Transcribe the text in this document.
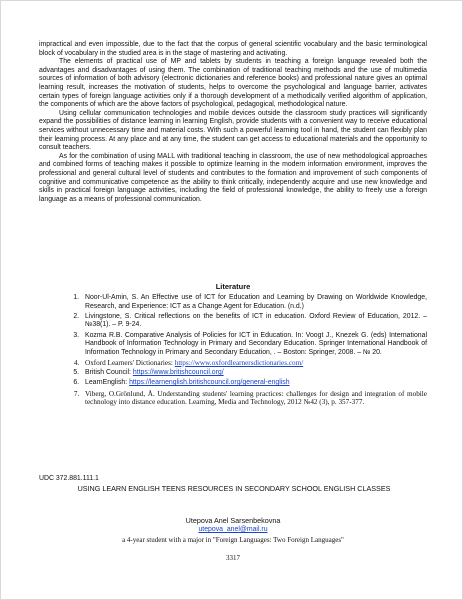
impractical and even impossible, due to the fact that the corpus of general scientific vocabulary and the basic terminological block of vocabulary in the studied area is in the stage of mastering and activating.

The elements of practical use of MP and tablets by students in teaching a foreign language revealed both the advantages and disadvantages of using them. The combination of traditional teaching methods and the use of multimedia sources of information of both advisory (electronic dictionaries and reference books) and professional nature gives an optimal learning result, increases the motivation of students, helps to overcome the psychological and language barrier, activates certain types of foreign language activities only if a thorough development of a methodically verified algorithm of application, the components of which are the above factors of psychological, pedagogical, methodological nature.

Using cellular communication technologies and mobile devices outside the classroom study practices will significantly expand the possibilities of distance learning in learning English, provide students with a convenient way to receive educational services without unnecessary time and material costs. With such a powerful learning tool in hand, the student can flexibly plan their learning process. At any place and at any time, the student can get access to educational materials and the opportunity to consult teachers.

As for the combination of using MALL with traditional teaching in classroom, the use of new methodological approaches and combined forms of teaching makes it possible to optimize learning in the modern information environment, improves the professional and general cultural level of students and contributes to the formation and improvement of such components of cognitive and communicative competence as the ability to think critically, independently acquire and use new knowledge and skills in practical foreign language activities, including the field of professional knowledge, the ability to freely use a foreign language as a means of professional communication.

Literature
1. Noor-Ul-Amin, S. An Effective use of ICT for Education and Learning by Drawing on Worldwide Knowledge, Research, and Experience: ICT as a Change Agent for Education. (n.d.)
2. Livingstone, S. Critical reflections on the benefits of ICT in education. Oxford Review of Education, 2012. – №38(1). – P. 9-24.
3. Kozma R.B. Comparative Analysis of Policies for ICT in Education. In: Voogt J., Knezek G. (eds) International Handbook of Information Technology in Primary and Secondary Education. Springer International Handbook of Information Technology in Primary and Secondary Education, . – Boston: Springer, 2008. – № 20.
4. Oxford Learners' Dictionaries: https://www.oxfordlearnersdictionaries.com/
5. British Council: https://www.britishcouncil.org/
6. LearnEnglish: https://learnenglish.britishcouncil.org/general-english
7. Viberg, O.Grönlund, Å. Understanding students' learning practices: challenges for design and integration of mobile technology into distance education. Learning, Media and Technology, 2012 №42 (3), p. 357-377.
UDC 372.881.111.1
USING LEARN ENGLISH TEENS RESOURCES IN SECONDARY SCHOOL ENGLISH CLASSES
Utepova Anel Sarsenbekovna
utepova_anel@mail.ru
a 4-year student with a major in "Foreign Languages: Two Foreign Languages"
3317
